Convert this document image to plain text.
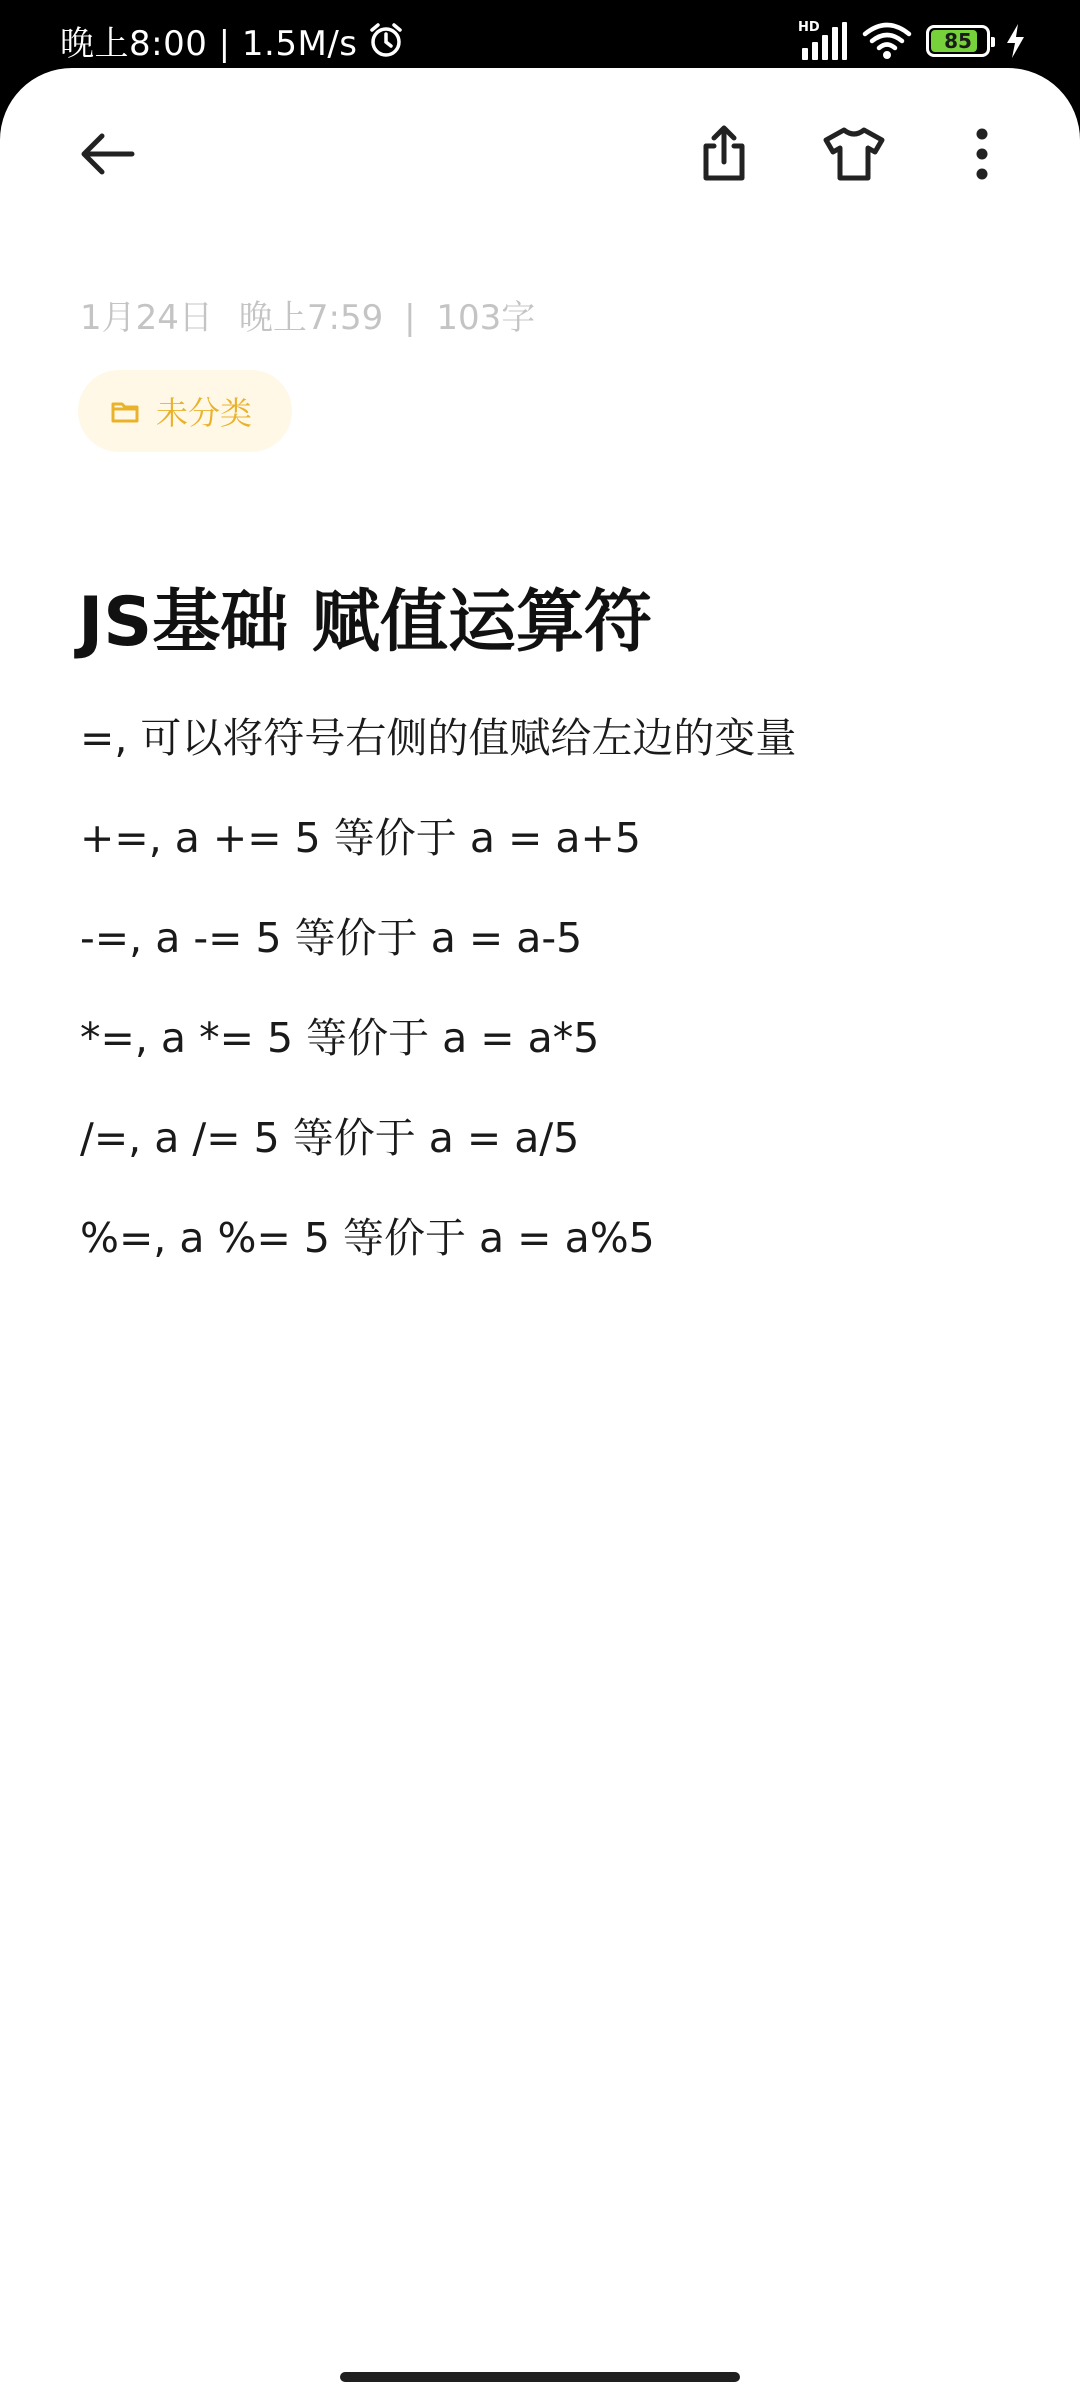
晚上8:00 | 1.5M/s	HD
85
1月24日 晚上7:59 | 103字
未分类
JS基础 赋值运算符
=, 可以将符号右侧的值赋给左边的变量
+=, a += 5 等价于 a = a+5
-=, a -= 5 等价于 a = a-5
*=, a *= 5 等价于 a = a*5
/=, a /= 5 等价于 a = a/5
%=, a %= 5 等价于 a = a%5
